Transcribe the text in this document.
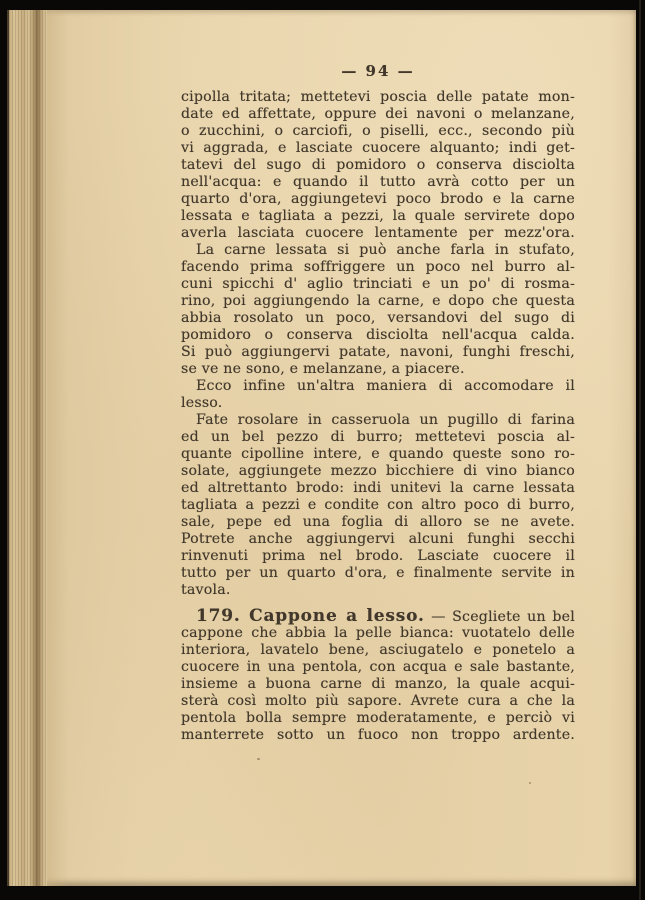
— 94 —
cipolla tritata; mettetevi poscia delle patate mon-
date ed affettate, oppure dei navoni o melanzane,
o zucchini, o carciofi, o piselli, ecc., secondo più
vi aggrada, e lasciate cuocere alquanto; indi get-
tatevi del sugo di pomidoro o conserva disciolta
nell'acqua: e quando il tutto avrà cotto per un
quarto d'ora, aggiungetevi poco brodo e la carne
lessata e tagliata a pezzi, la quale servirete dopo
averla lasciata cuocere lentamente per mezz'ora.
La carne lessata si può anche farla in stufato,
facendo prima soffriggere un poco nel burro al-
cuni spicchi d' aglio trinciati e un po' di rosma-
rino, poi aggiungendo la carne, e dopo che questa
abbia rosolato un poco, versandovi del sugo di
pomidoro o conserva disciolta nell'acqua calda.
Si può aggiungervi patate, navoni, funghi freschi,
se ve ne sono, e melanzane, a piacere.
Ecco infine un'altra maniera di accomodare il
lesso.
Fate rosolare in casseruola un pugillo di farina
ed un bel pezzo di burro; mettetevi poscia al-
quante cipolline intere, e quando queste sono ro-
solate, aggiungete mezzo bicchiere di vino bianco
ed altrettanto brodo: indi unitevi la carne lessata
tagliata a pezzi e condite con altro poco di burro,
sale, pepe ed una foglia di alloro se ne avete.
Potrete anche aggiungervi alcuni funghi secchi
rinvenuti prima nel brodo. Lasciate cuocere il
tutto per un quarto d'ora, e finalmente servite in
tavola.
179. Cappone a lesso. — Scegliete un bel
cappone che abbia la pelle bianca: vuotatelo delle
interiora, lavatelo bene, asciugatelo e ponetelo a
cuocere in una pentola, con acqua e sale bastante,
insieme a buona carne di manzo, la quale acqui-
sterà così molto più sapore. Avrete cura a che la
pentola bolla sempre moderatamente, e perciò vi
manterrete sotto un fuoco non troppo ardente.
